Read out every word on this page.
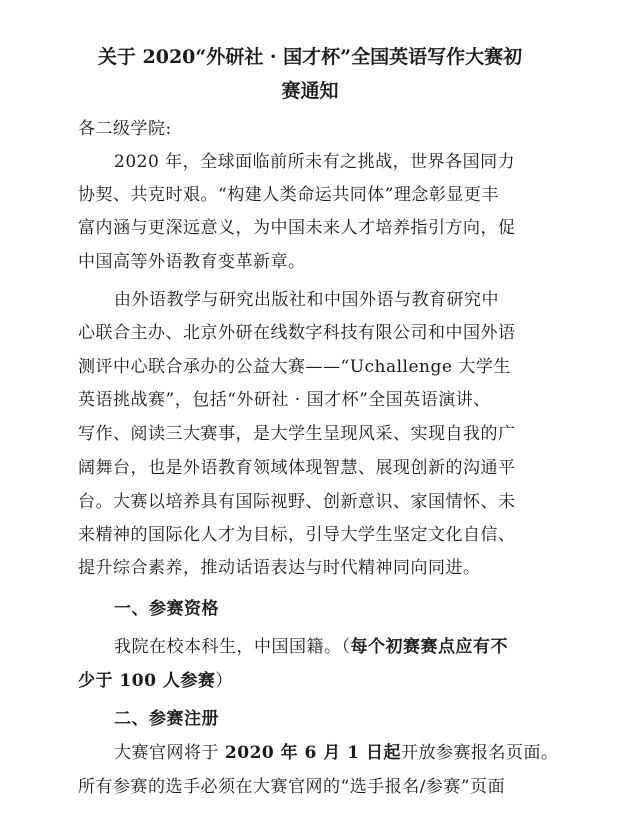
关于 2020“外研社 · 国才杯”全国英语写作大赛初
赛通知
各二级学院:
2020 年，全球面临前所未有之挑战，世界各国同力
协契、共克时艰。“构建人类命运共同体”理念彰显更丰
富内涵与更深远意义，为中国未来人才培养指引方向，促
中国高等外语教育变革新章。
由外语教学与研究出版社和中国外语与教育研究中
心联合主办、北京外研在线数字科技有限公司和中国外语
测评中心联合承办的公益大赛——“Uchallenge 大学生
英语挑战赛”，包括“外研社 · 国才杯”全国英语演讲、
写作、阅读三大赛事，是大学生呈现风采、实现自我的广
阔舞台，也是外语教育领域体现智慧、展现创新的沟通平
台。大赛以培养具有国际视野、创新意识、家国情怀、未
来精神的国际化人才为目标，引导大学生坚定文化自信、
提升综合素养，推动话语表达与时代精神同向同进。
一、参赛资格
我院在校本科生，中国国籍。（每个初赛赛点应有不
少于 100 人参赛）
二、参赛注册
大赛官网将于 2020 年 6 月 1 日起开放参赛报名页面。
所有参赛的选手必须在大赛官网的“选手报名/参赛”页面
